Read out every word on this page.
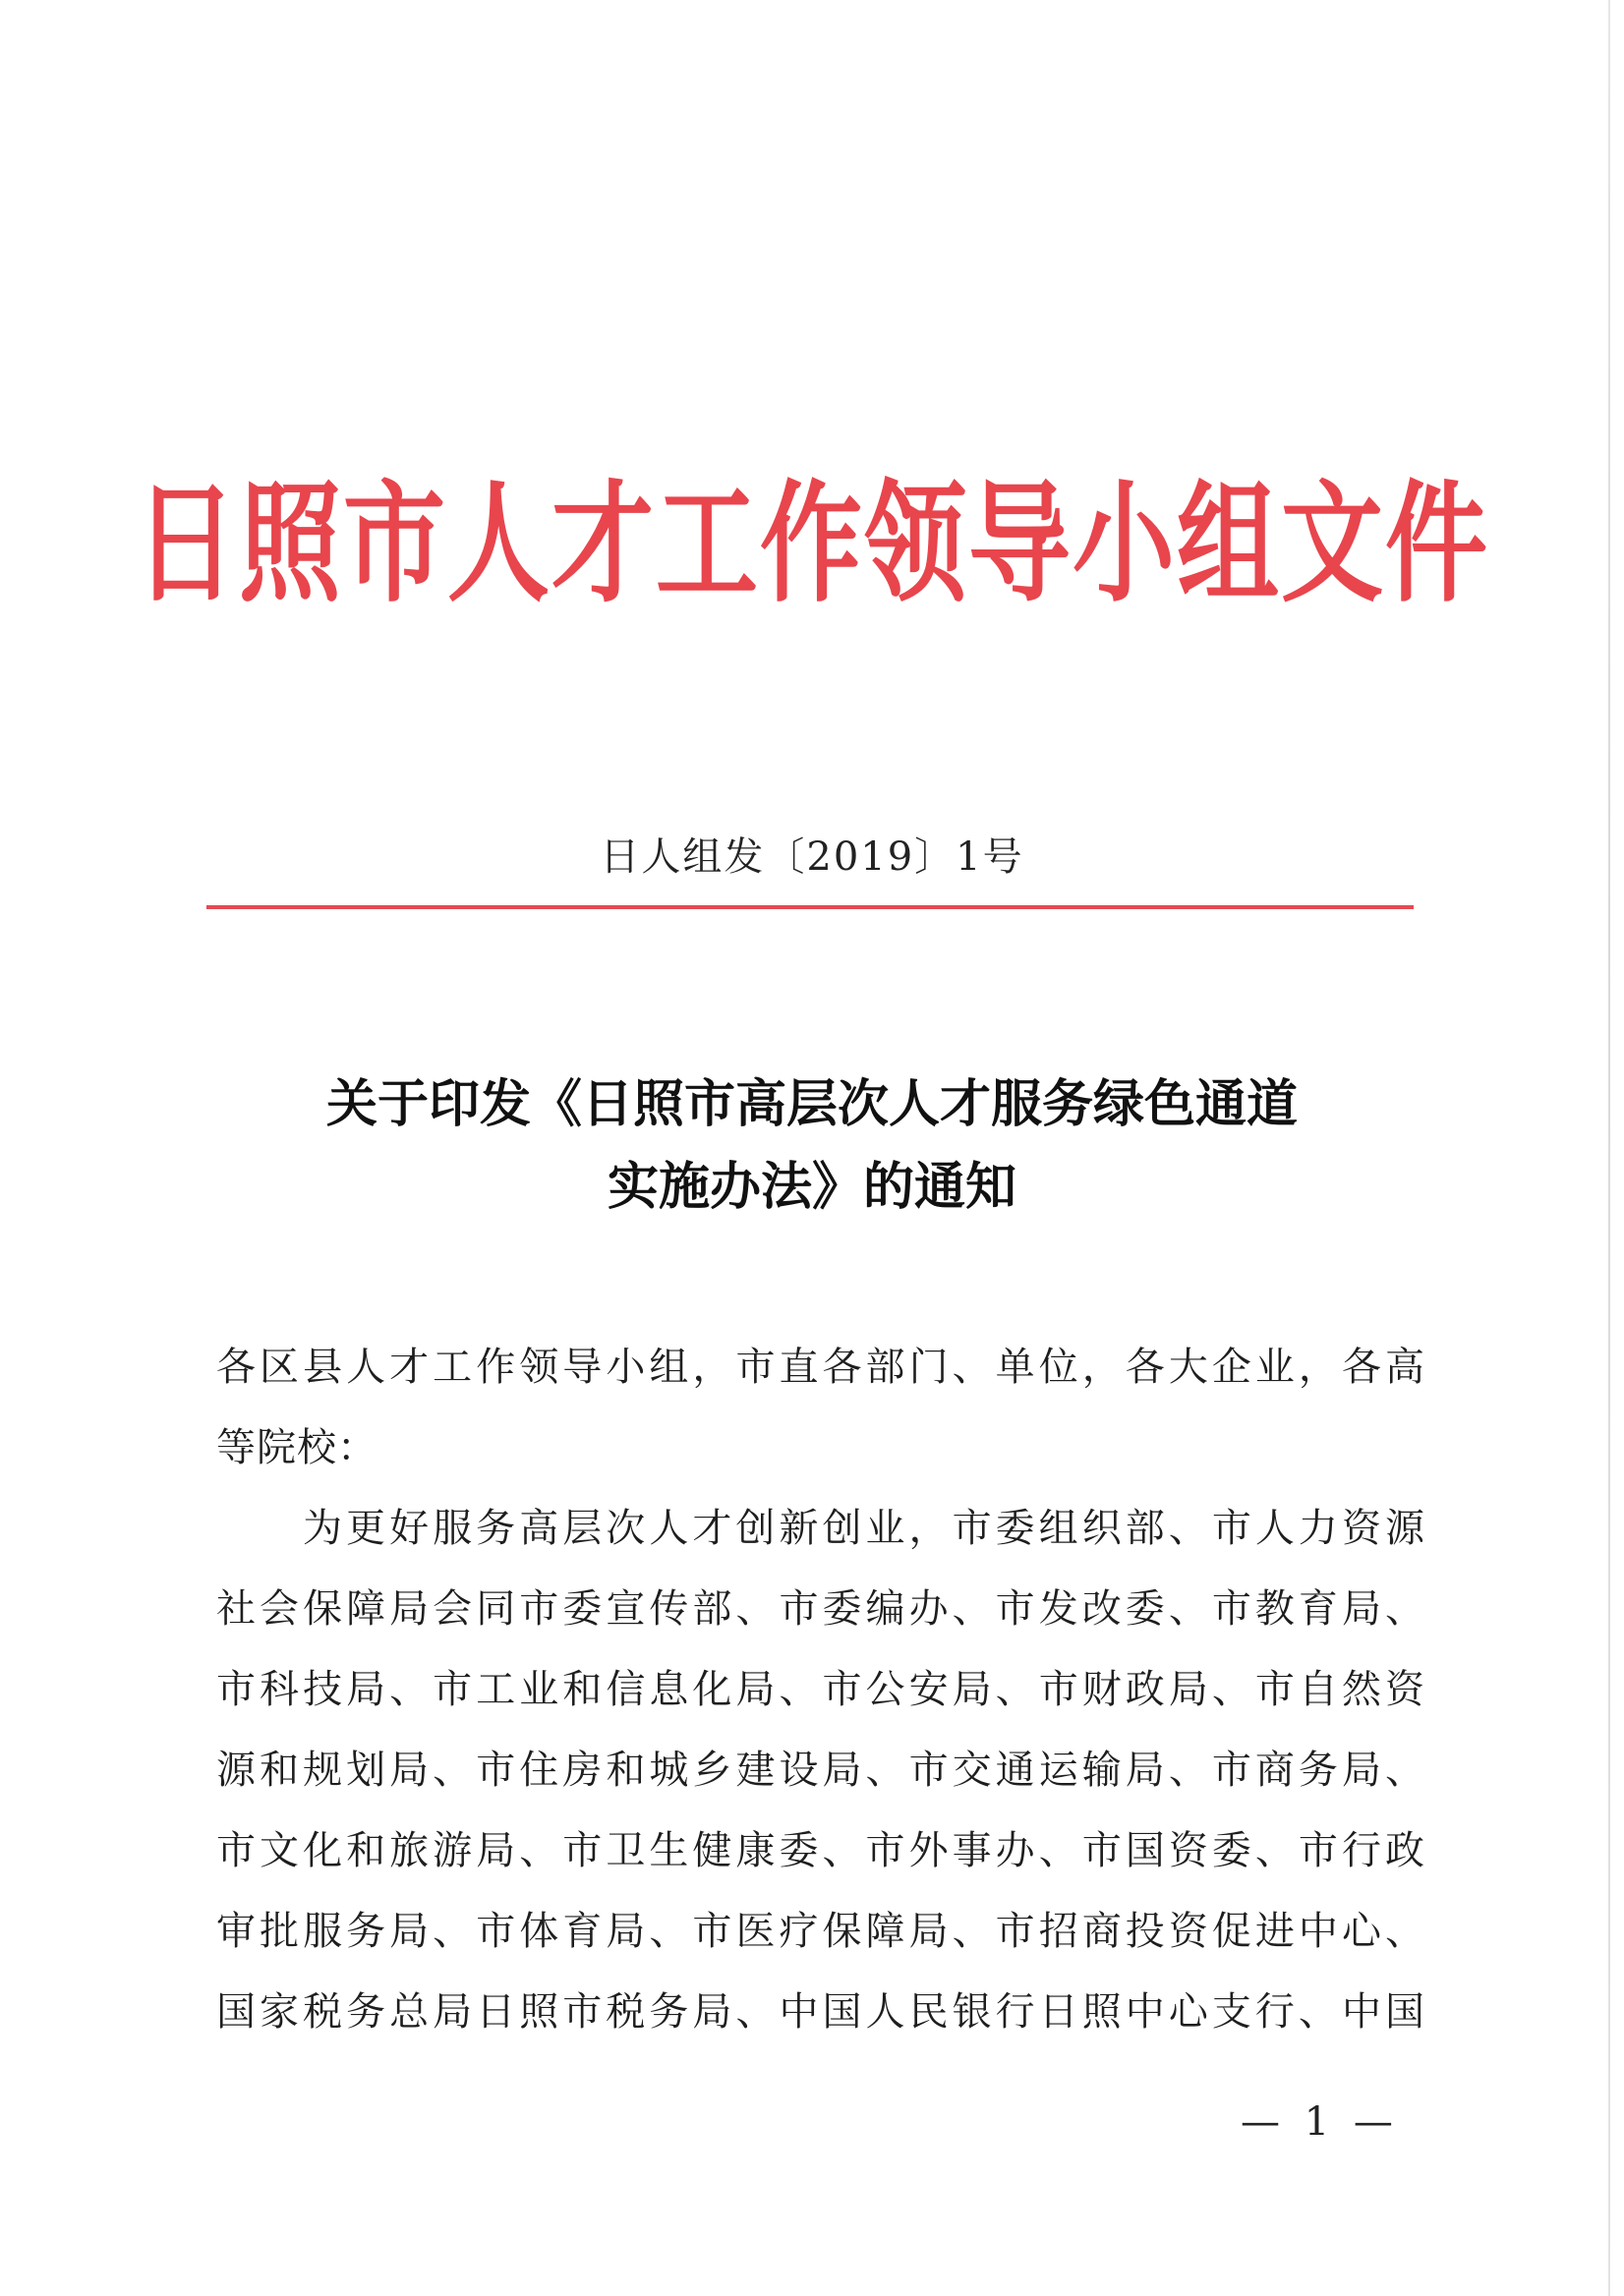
日照市人才工作领导小组文件
日人组发〔2019〕1号
关于印发《日照市高层次人才服务绿色通道
实施办法》的通知
各区县人才工作领导小组，市直各部门、单位，各大企业，各高
等院校：
为更好服务高层次人才创新创业，市委组织部、市人力资源
社会保障局会同市委宣传部、市委编办、市发改委、市教育局、
市科技局、市工业和信息化局、市公安局、市财政局、市自然资
源和规划局、市住房和城乡建设局、市交通运输局、市商务局、
市文化和旅游局、市卫生健康委、市外事办、市国资委、市行政
审批服务局、市体育局、市医疗保障局、市招商投资促进中心、
国家税务总局日照市税务局、中国人民银行日照中心支行、中国
— 1 —
